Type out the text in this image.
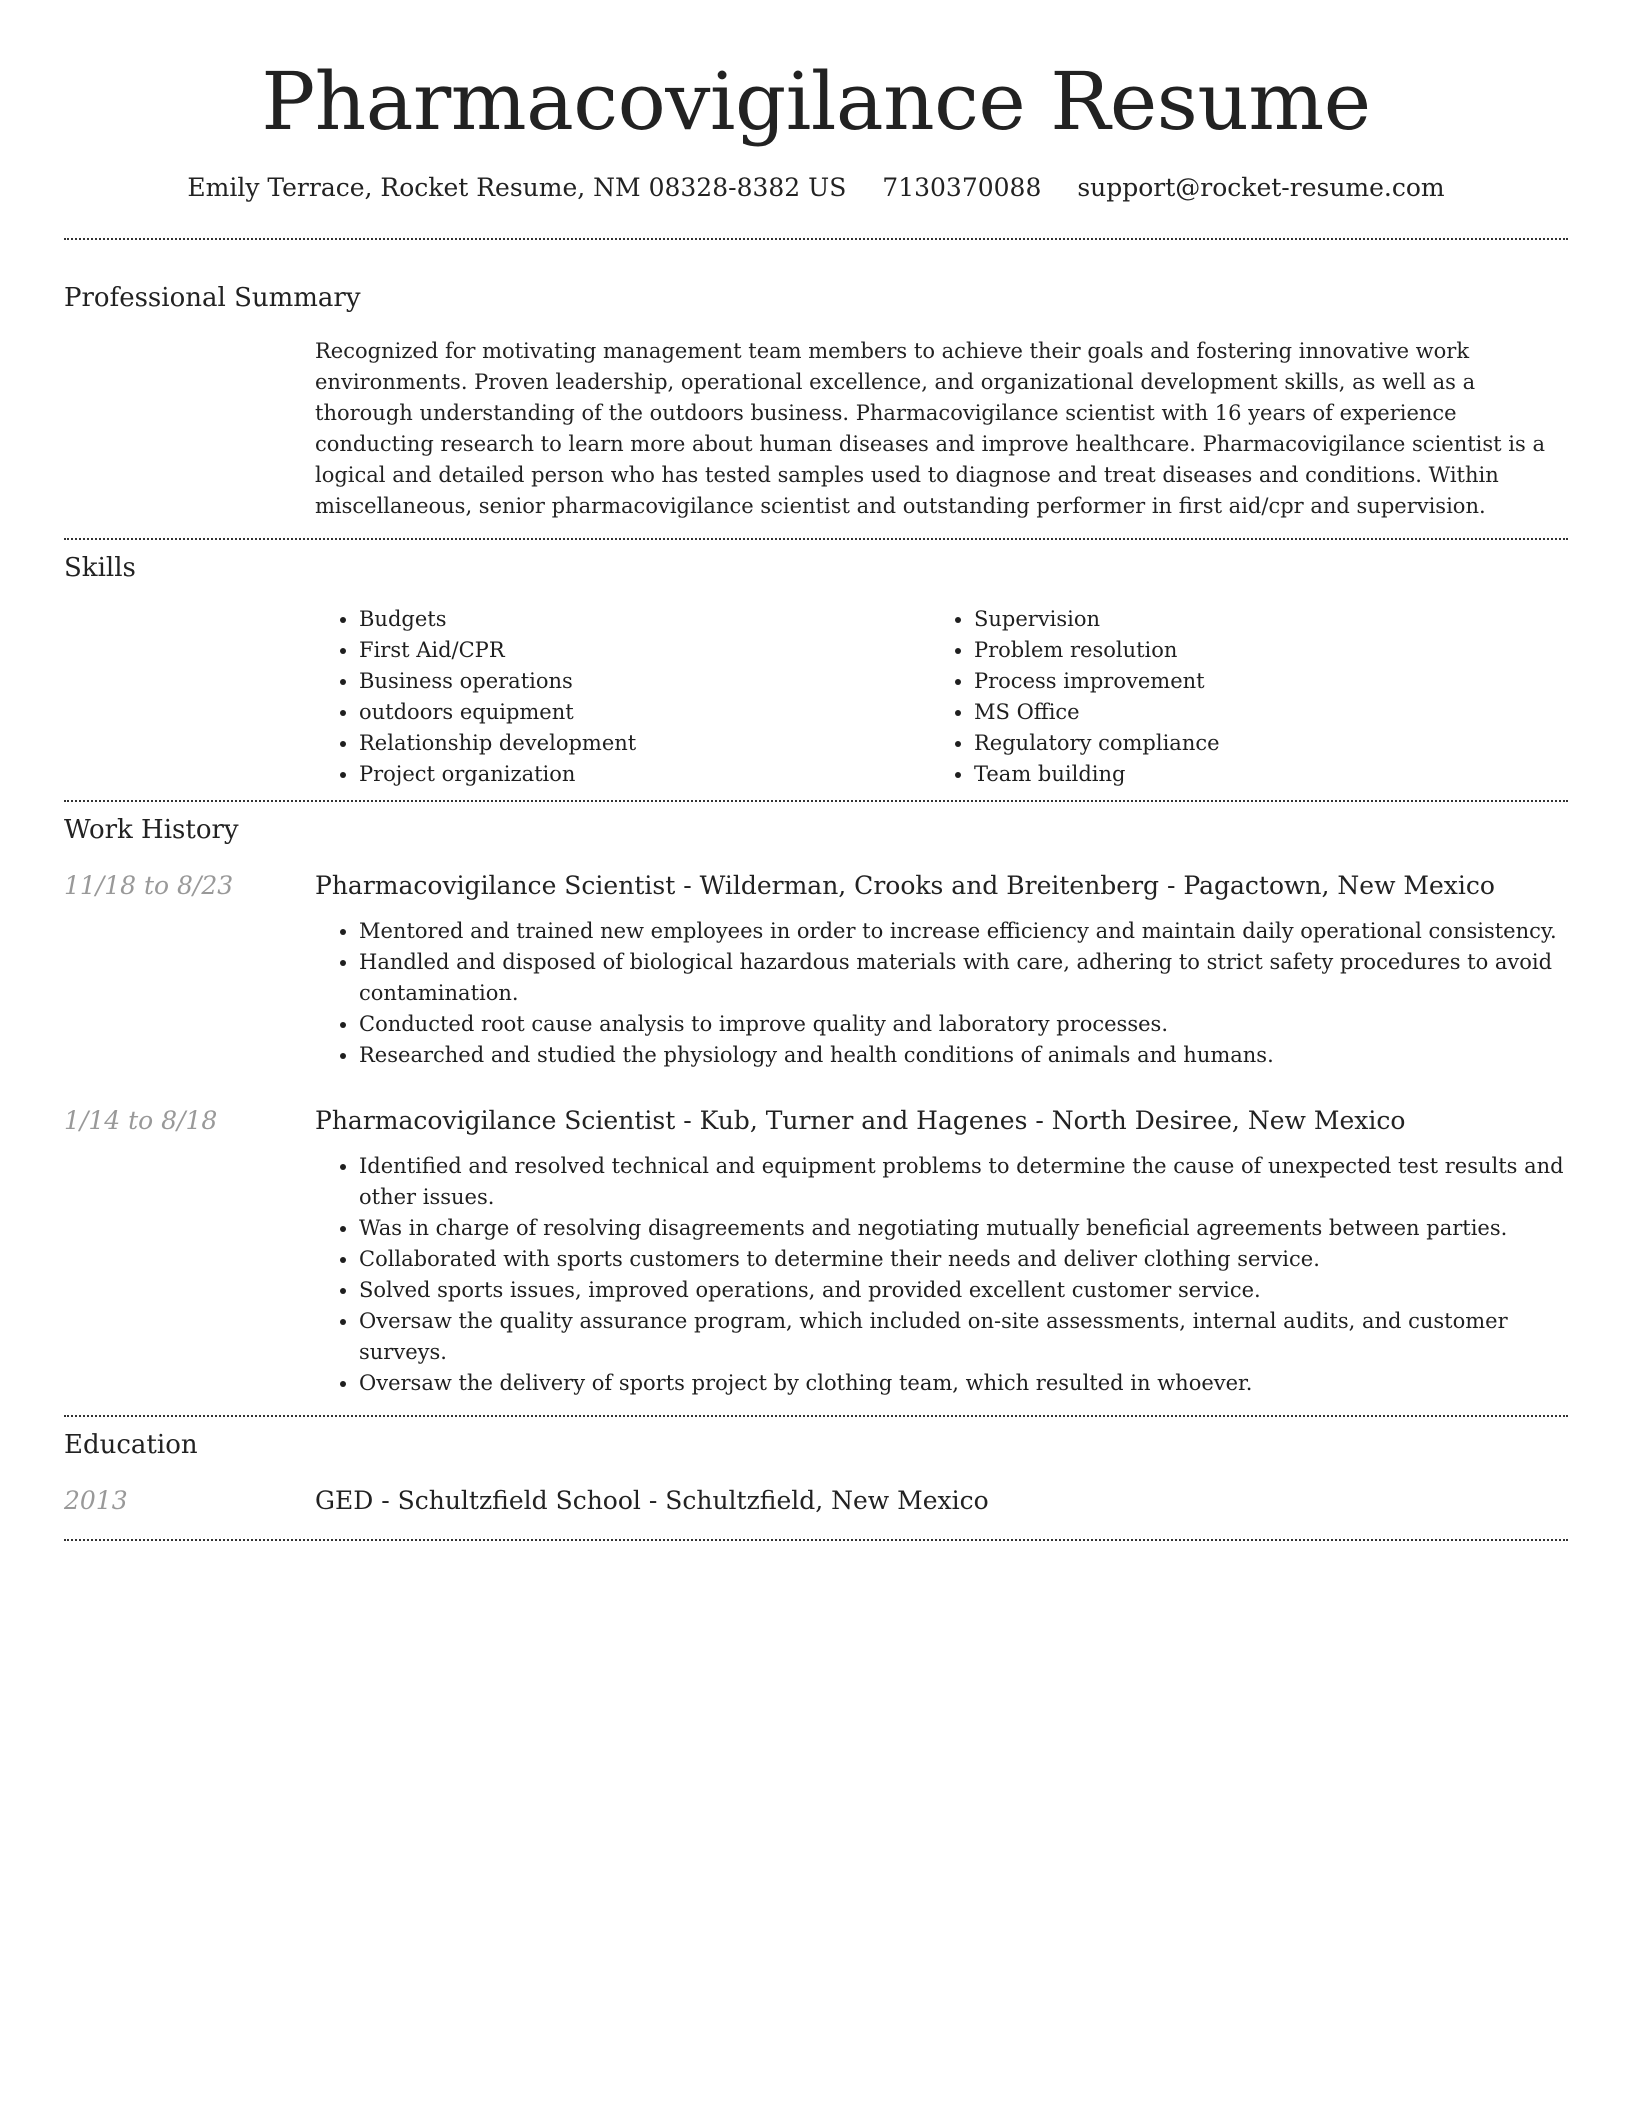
Pharmacovigilance Resume
Emily Terrace, Rocket Resume, NM 08328-8382 US 7130370088 support@rocket-resume.com
Professional Summary

Recognized for motivating management team members to achieve their goals and fostering innovative work environments. Proven leadership, operational excellence, and organizational development skills, as well as a thorough understanding of the outdoors business. Pharmacovigilance scientist with 16 years of experience conducting research to learn more about human diseases and improve healthcare. Pharmacovigilance scientist is a logical and detailed person who has tested samples used to diagnose and treat diseases and conditions. Within miscellaneous, senior pharmacovigilance scientist and outstanding performer in first aid/cpr and supervision.

Skills
• Budgets
• First Aid/CPR
• Business operations
• outdoors equipment
• Relationship development
• Project organization
• Supervision
• Problem resolution
• Process improvement
• MS Office
• Regulatory compliance
• Team building
Work History
11/18 to 8/23	Pharmacovigilance Scientist - Wilderman, Crooks and Breitenberg - Pagactown, New Mexico
• Mentored and trained new employees in order to increase efficiency and maintain daily operational consistency.
• Handled and disposed of biological hazardous materials with care, adhering to strict safety procedures to avoid contamination.
• Conducted root cause analysis to improve quality and laboratory processes.
• Researched and studied the physiology and health conditions of animals and humans.
1/14 to 8/18	Pharmacovigilance Scientist - Kub, Turner and Hagenes - North Desiree, New Mexico
• Identified and resolved technical and equipment problems to determine the cause of unexpected test results and other issues.
• Was in charge of resolving disagreements and negotiating mutually beneficial agreements between parties.
• Collaborated with sports customers to determine their needs and deliver clothing service.
• Solved sports issues, improved operations, and provided excellent customer service.
• Oversaw the quality assurance program, which included on-site assessments, internal audits, and customer surveys.
• Oversaw the delivery of sports project by clothing team, which resulted in whoever.
Education
2013	GED - Schultzfield School - Schultzfield, New Mexico
